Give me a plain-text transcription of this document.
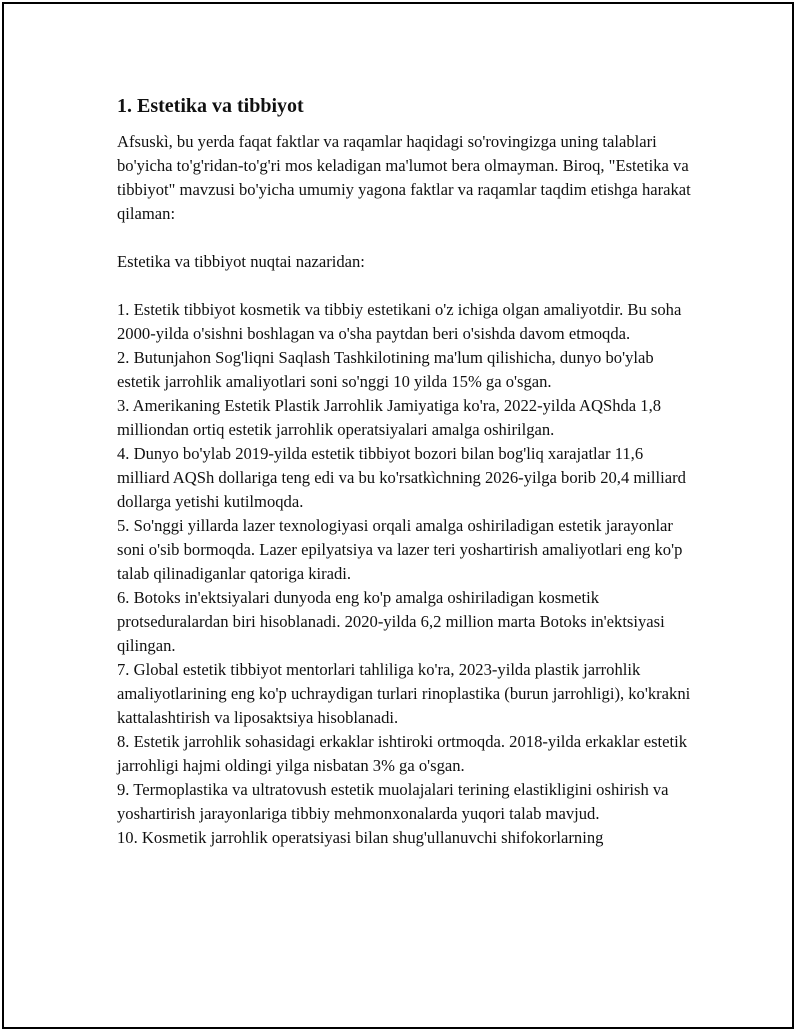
1. Estetika va tibbiyot

Afsuskì, bu yerda faqat faktlar va raqamlar haqidagi so'rovingizga uning talablari bo'yicha to'g'ridan-to'g'ri mos keladigan ma'lumot bera olmayman. Biroq, "Estetika va tibbiyot" mavzusi bo'yicha umumiy yagona faktlar va raqamlar taqdim etishga harakat qilaman:

Estetika va tibbiyot nuqtai nazaridan:

1. Estetik tibbiyot kosmetik va tibbiy estetikani o'z ichiga olgan amaliyotdir. Bu soha 2000-yilda o'sishni boshlagan va o'sha paytdan beri o'sishda davom etmoqda.

2. Butunjahon Sog'liqni Saqlash Tashkilotining ma'lum qilishicha, dunyo bo'ylab estetik jarrohlik amaliyotlari soni so'nggi 10 yilda 15% ga o'sgan.

3. Amerikaning Estetik Plastik Jarrohlik Jamiyatiga ko'ra, 2022-yilda AQShda 1,8 milliondan ortiq estetik jarrohlik operatsiyalari amalga oshirilgan.

4. Dunyo bo'ylab 2019-yilda estetik tibbiyot bozori bilan bog'liq xarajatlar 11,6 milliard AQSh dollariga teng edi va bu ko'rsatkìchning 2026-yilga borib 20,4 milliard dollarga yetishi kutilmoqda.

5. So'nggi yillarda lazer texnologiyasi orqali amalga oshiriladigan estetik jarayonlar soni o'sib bormoqda. Lazer epilyatsiya va lazer teri yoshartirish amaliyotlari eng ko'p talab qilinadiganlar qatoriga kiradi.

6. Botoks in'ektsiyalari dunyoda eng ko'p amalga oshiriladigan kosmetik protseduralardan biri hisoblanadi. 2020-yilda 6,2 million marta Botoks in'ektsiyasi qilingan.

7. Global estetik tibbiyot mentorlari tahliliga ko'ra, 2023-yilda plastik jarrohlik amaliyotlarining eng ko'p uchraydigan turlari rinoplastika (burun jarrohligi), ko'krakni kattalashtirish va liposaktsiya hisoblanadi.

8. Estetik jarrohlik sohasidagi erkaklar ishtiroki ortmoqda. 2018-yilda erkaklar estetik jarrohligi hajmi oldingi yilga nisbatan 3% ga o'sgan.

9. Termoplastika va ultratovush estetik muolajalari terining elastikligini oshirish va yoshartirish jarayonlariga tibbiy mehmonxonalarda yuqori talab mavjud.

10. Kosmetik jarrohlik operatsiyasi bilan shug'ullanuvchi shifokorlarning
